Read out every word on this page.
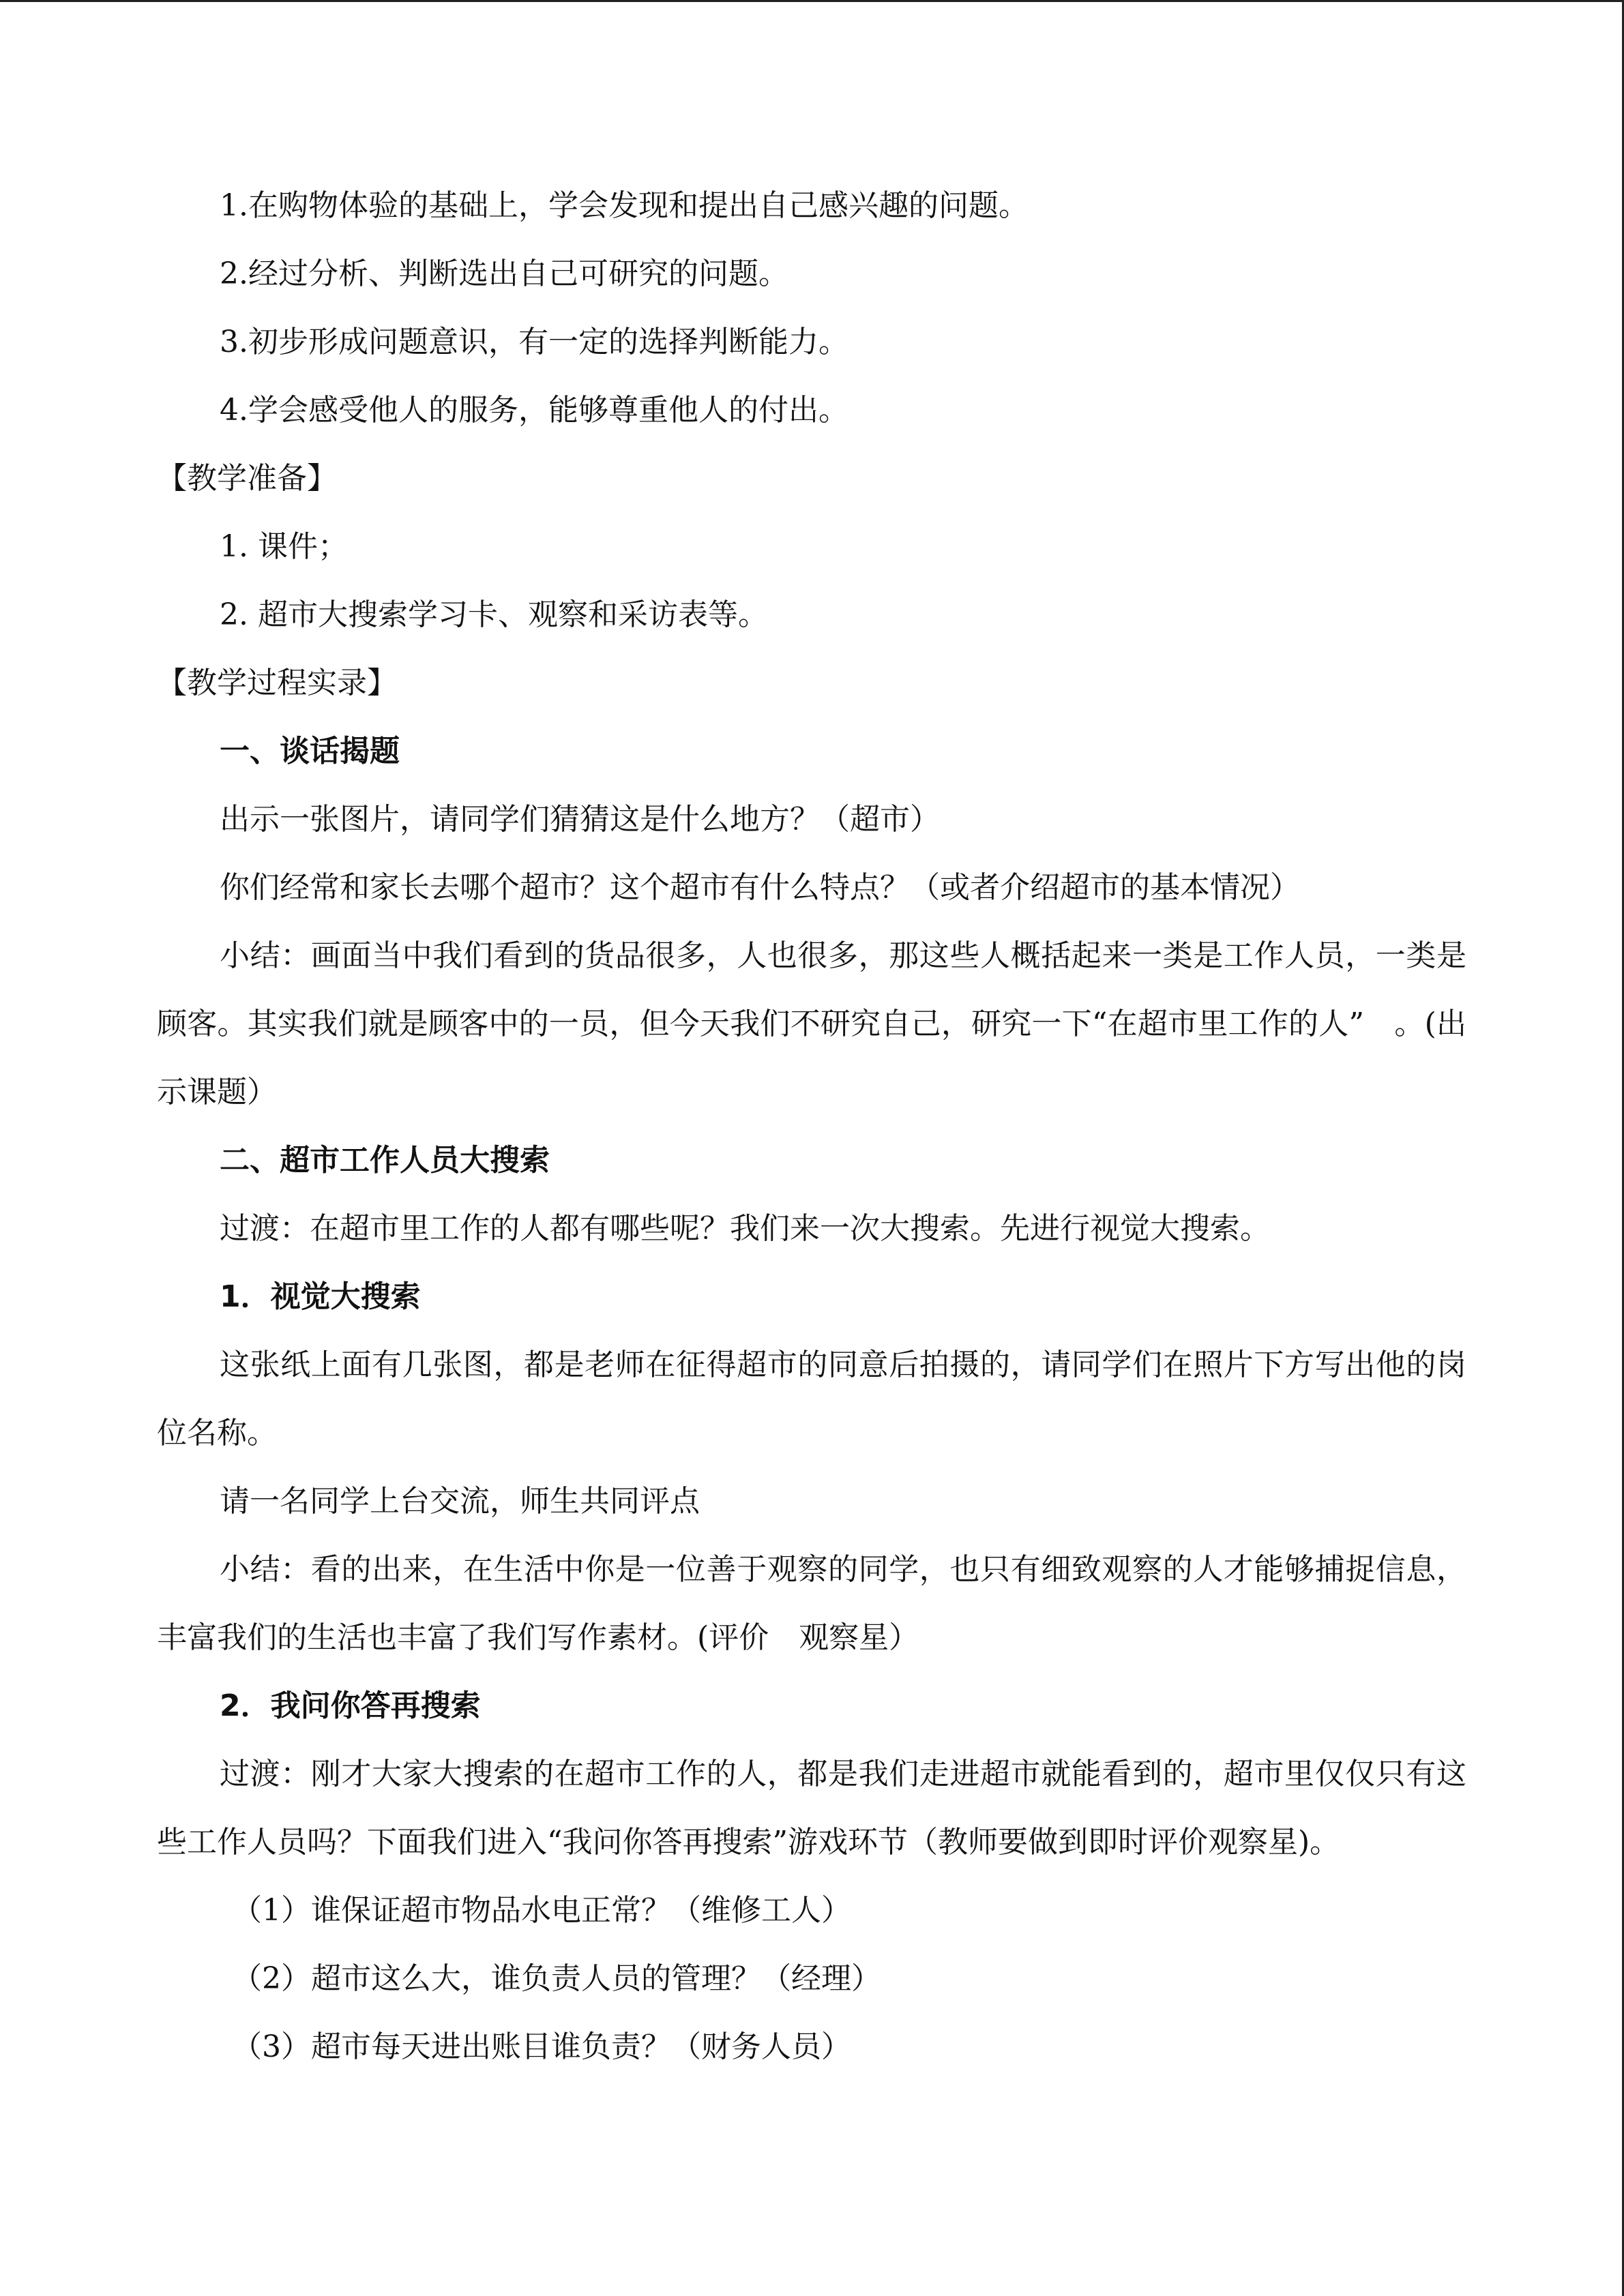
1.在购物体验的基础上，学会发现和提出自己感兴趣的问题。
2.经过分析、判断选出自己可研究的问题。
3.初步形成问题意识，有一定的选择判断能力。
4.学会感受他人的服务，能够尊重他人的付出。
【教学准备】
1. 课件；
2. 超市大搜索学习卡、观察和采访表等。
【教学过程实录】
一、谈话揭题
出示一张图片，请同学们猜猜这是什么地方？（超市）
你们经常和家长去哪个超市？这个超市有什么特点？（或者介绍超市的基本情况）
小结：画面当中我们看到的货品很多，人也很多，那这些人概括起来一类是工作人员，一类是顾客。其实我们就是顾客中的一员，但今天我们不研究自己，研究一下“在超市里工作的人”　。(出示课题）
二、超市工作人员大搜索
过渡：在超市里工作的人都有哪些呢？我们来一次大搜索。先进行视觉大搜索。
1．视觉大搜索
这张纸上面有几张图，都是老师在征得超市的同意后拍摄的，请同学们在照片下方写出他的岗位名称。
请一名同学上台交流，师生共同评点
小结：看的出来，在生活中你是一位善于观察的同学，也只有细致观察的人才能够捕捉信息，丰富我们的生活也丰富了我们写作素材。(评价　观察星）
2．我问你答再搜索
过渡：刚才大家大搜索的在超市工作的人，都是我们走进超市就能看到的，超市里仅仅只有这些工作人员吗？下面我们进入“我问你答再搜索”游戏环节（教师要做到即时评价观察星)。
（1）谁保证超市物品水电正常？（维修工人）
（2）超市这么大，谁负责人员的管理？（经理）
（3）超市每天进出账目谁负责？（财务人员）
